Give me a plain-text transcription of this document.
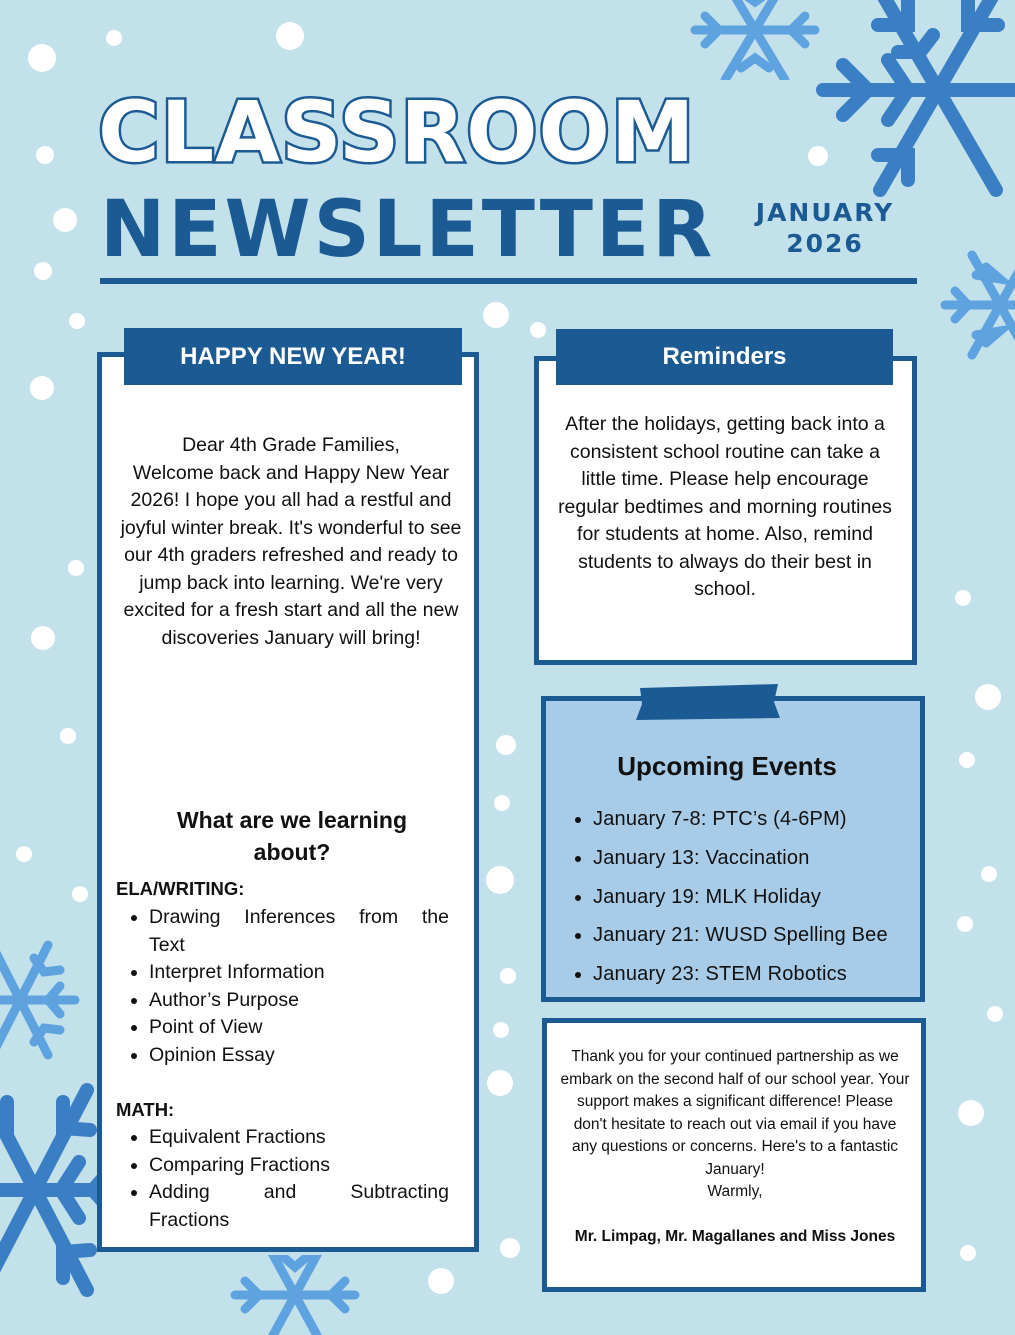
CLASSROOM
NEWSLETTER	JANUARY
2026
HAPPY NEW YEAR!

Dear 4th Grade Families,
Welcome back and Happy New Year 2026! I hope you all had a restful and joyful winter break. It's wonderful to see our 4th graders refreshed and ready to jump back into learning. We're very excited for a fresh start and all the new discoveries January will bring!

What are we learning about?

ELA/WRITING:

• Drawing Inferences from the Text
• Interpret Information
• Author’s Purpose
• Point of View
• Opinion Essay

MATH:

• Equivalent Fractions
• Comparing Fractions
• Adding and Subtracting Fractions
Reminders

After the holidays, getting back into a consistent school routine can take a little time. Please help encourage regular bedtimes and morning routines for students at home. Also, remind students to always do their best in school.

Upcoming Events
• January 7-8: PTC’s (4-6PM)
• January 13: Vaccination
• January 19: MLK Holiday
• January 21: WUSD Spelling Bee
• January 23: STEM Robotics

Thank you for your continued partnership as we embark on the second half of our school year. Your support makes a significant difference! Please don't hesitate to reach out via email if you have any questions or concerns. Here's to a fantastic January!
Warmly,

Mr. Limpag, Mr. Magallanes and Miss Jones
